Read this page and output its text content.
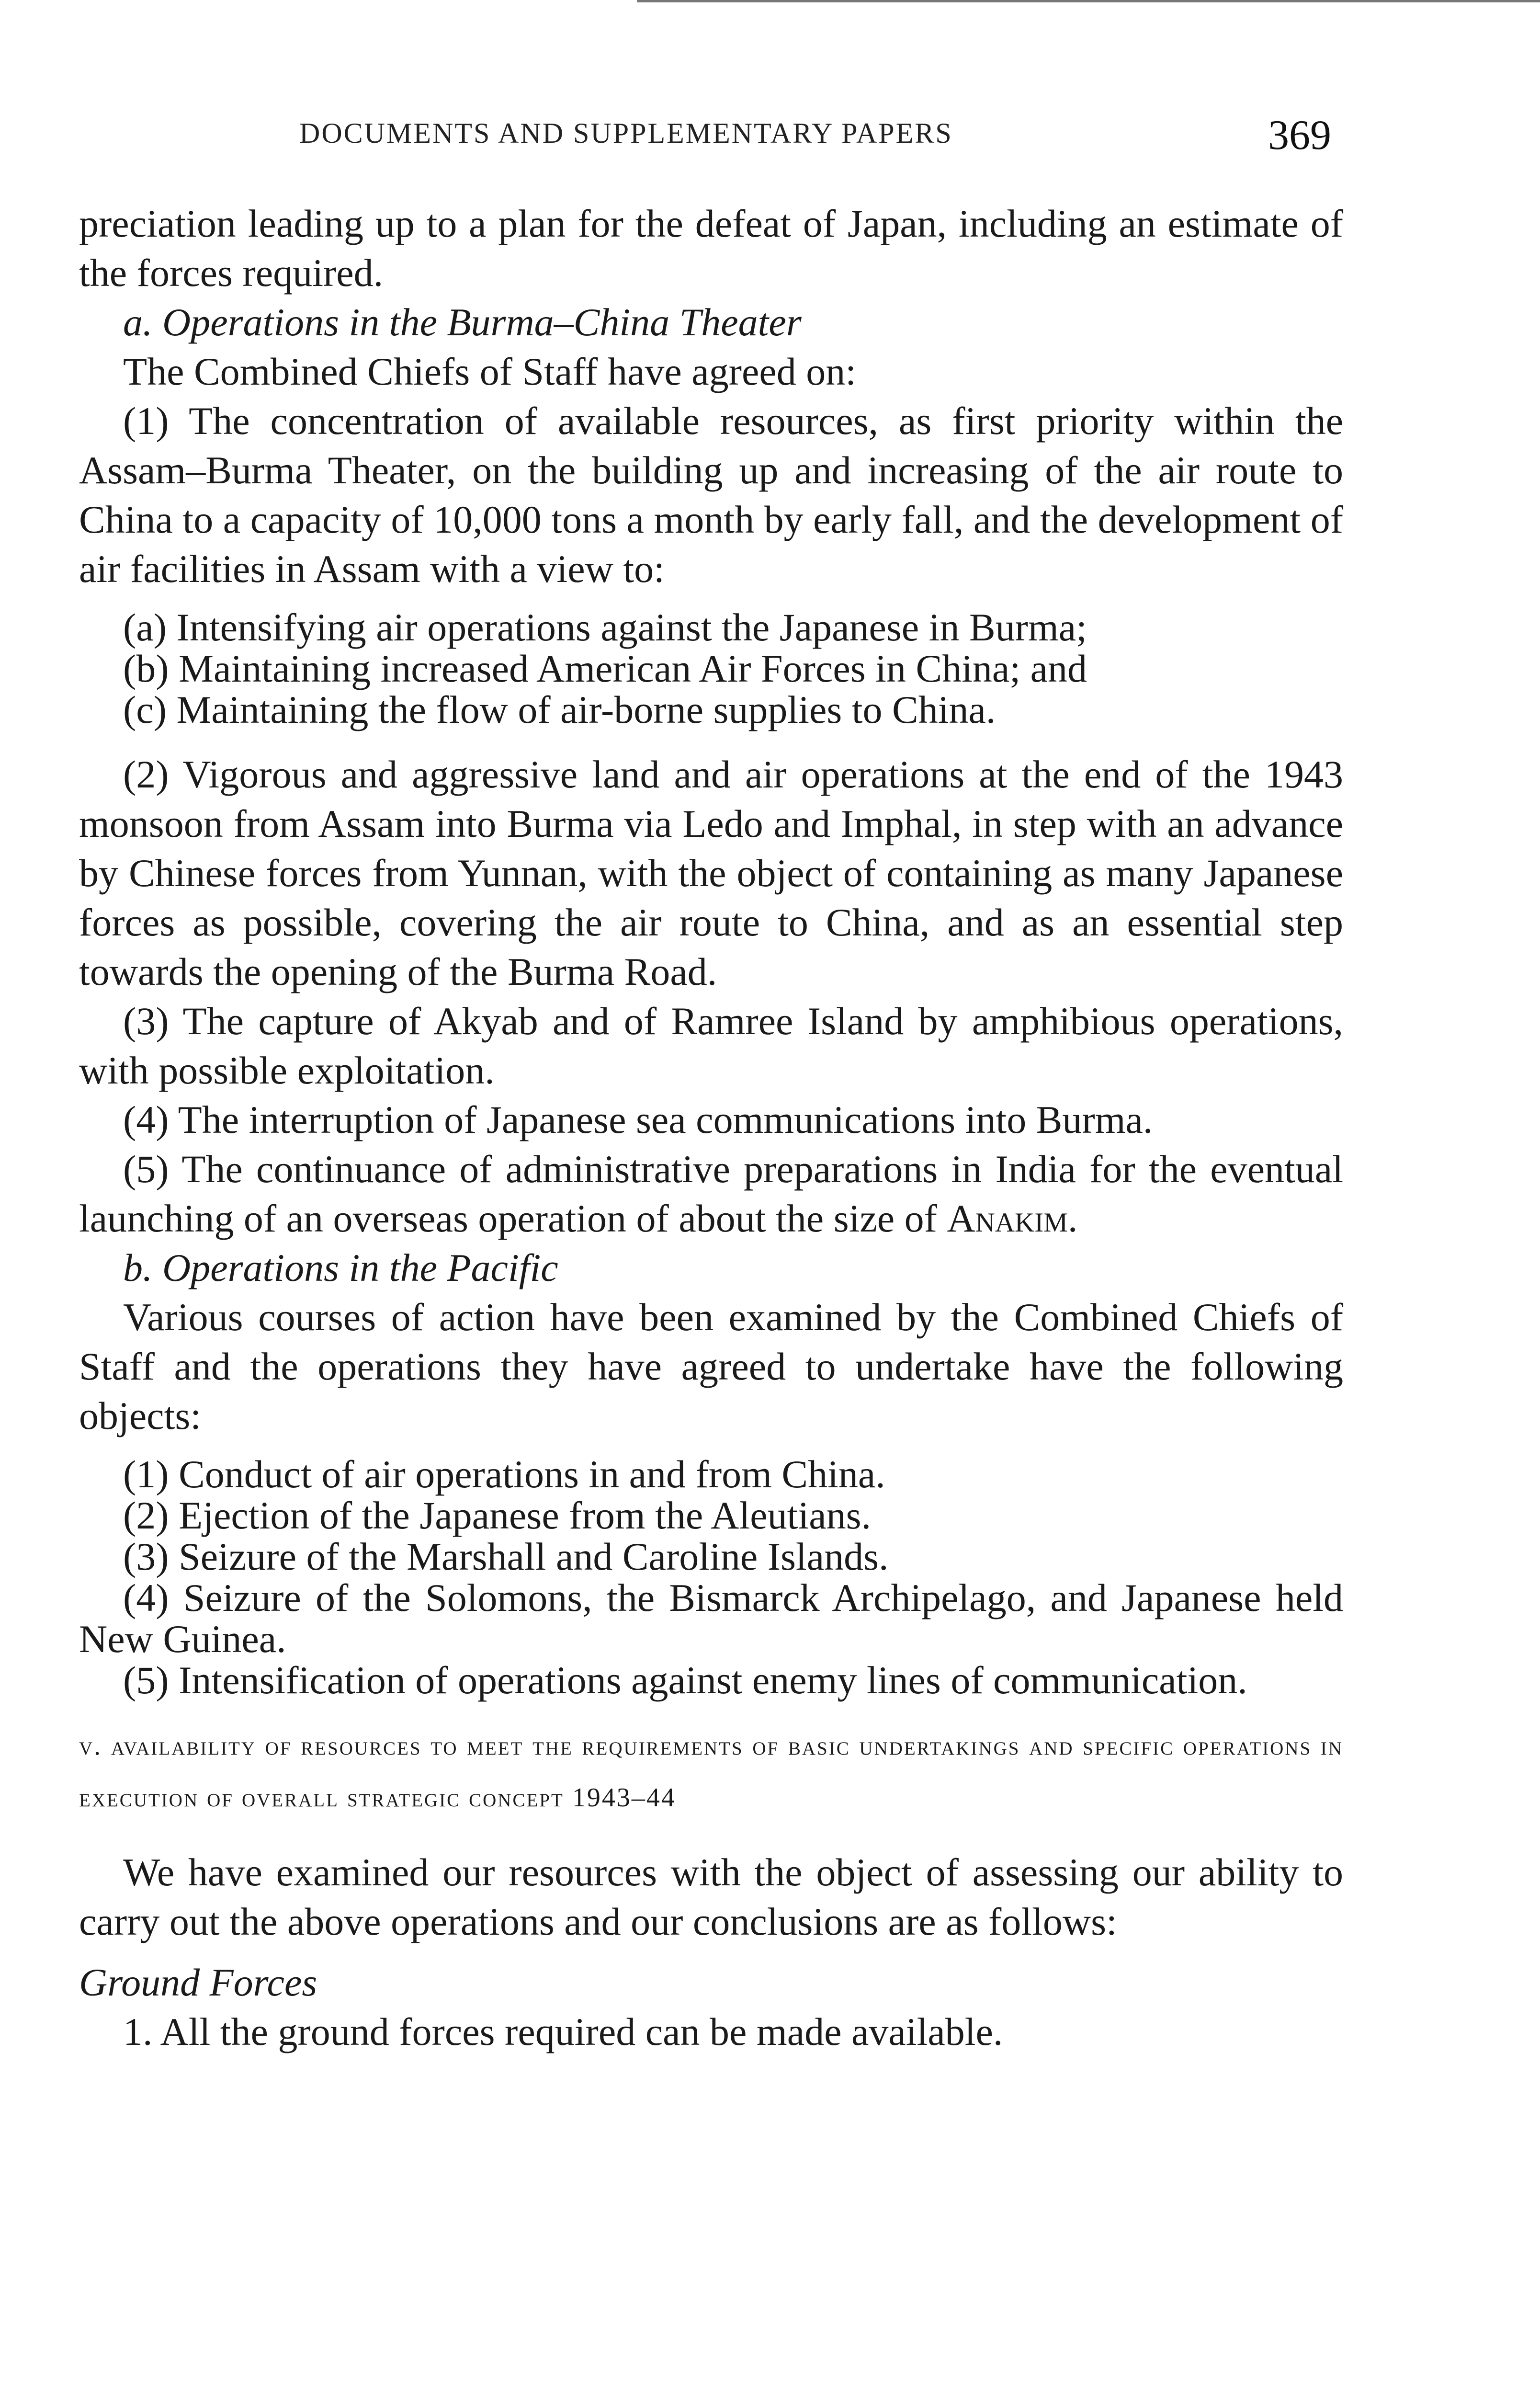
DOCUMENTS AND SUPPLEMENTARY PAPERS	369

preciation leading up to a plan for the defeat of Japan, including an estimate of the forces required.

a. Operations in the Burma–China Theater

The Combined Chiefs of Staff have agreed on:

(1) The concentration of available resources, as first priority within the Assam–Burma Theater, on the building up and increasing of the air route to China to a capacity of 10,000 tons a month by early fall, and the development of air facilities in Assam with a view to:

(a) Intensifying air operations against the Japanese in Burma;

(b) Maintaining increased American Air Forces in China; and

(c) Maintaining the flow of air-borne supplies to China.

(2) Vigorous and aggressive land and air operations at the end of the 1943 monsoon from Assam into Burma via Ledo and Imphal, in step with an advance by Chinese forces from Yunnan, with the object of containing as many Japanese forces as possible, covering the air route to China, and as an essential step towards the opening of the Burma Road.

(3) The capture of Akyab and of Ramree Island by amphibious operations, with possible exploitation.

(4) The interruption of Japanese sea communications into Burma.

(5) The continuance of administrative preparations in India for the eventual launching of an overseas operation of about the size of Anakim.

b. Operations in the Pacific

Various courses of action have been examined by the Combined Chiefs of Staff and the operations they have agreed to undertake have the following objects:

(1) Conduct of air operations in and from China.

(2) Ejection of the Japanese from the Aleutians.

(3) Seizure of the Marshall and Caroline Islands.

(4) Seizure of the Solomons, the Bismarck Archipelago, and Japanese held New Guinea.

(5) Intensification of operations against enemy lines of communication.

v. availability of resources to meet the requirements of basic undertakings and specific operations in execution of overall strategic concept 1943–44

We have examined our resources with the object of assessing our ability to carry out the above operations and our conclusions are as follows:

Ground Forces

1. All the ground forces required can be made available.
